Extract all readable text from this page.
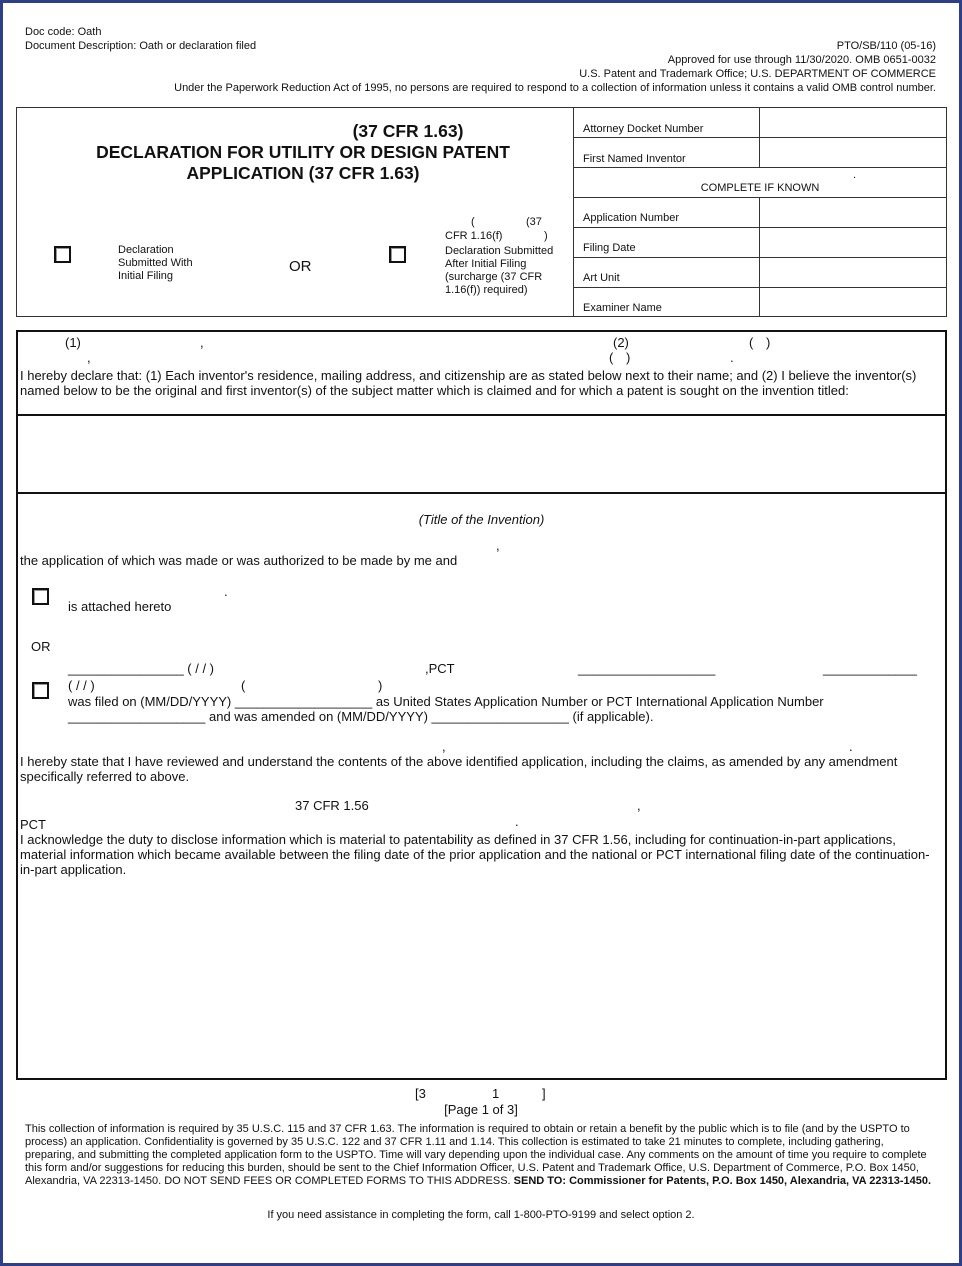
Doc code: Oath
Document Description: Oath or declaration filed	PTO/SB/110 (05-16)
Approved for use through 11/30/2020. OMB 0651-0032
U.S. Patent and Trademark Office; U.S. DEPARTMENT OF COMMERCE
Under the Paperwork Reduction Act of 1995, no persons are required to respond to a collection of information unless it contains a valid OMB control number.
(37 CFR 1.63)
DECLARATION FOR UTILITY OR DESIGN PATENT
APPLICATION (37 CFR 1.63)
Attorney Docket Number
First Named Inventor
.
COMPLETE IF KNOWN
Application Number
Filing Date
Art Unit
Examiner Name
Declaration Submitted With Initial Filing
OR
(	(37
CFR 1.16(f)	)
Declaration Submitted After Initial Filing (surcharge (37 CFR 1.16(f)) required)
(1)	,	(2)	( )
,	( )	.
I hereby declare that: (1) Each inventor's residence, mailing address, and citizenship are as stated below next to their name; and (2) I believe the inventor(s) named below to be the original and first inventor(s) of the subject matter which is claimed and for which a patent is sought on the invention titled:
(Title of the Invention)
,
the application of which was made or was authorized to be made by me and
.
is attached hereto
OR
________________ ( / / )	,PCT	___________________	_____________
( / / )	(	)
was filed on (MM/DD/YYYY) ___________________ as United States Application Number or PCT International Application Number
___________________ and was amended on (MM/DD/YYYY) ___________________ (if applicable).
,	.
I hereby state that I have reviewed and understand the contents of the above identified application, including the claims, as amended by any amendment specifically referred to above.
37 CFR 1.56	,
PCT	.
I acknowledge the duty to disclose information which is material to patentability as defined in 37 CFR 1.56, including for continuation-in-part applications, material information which became available between the filing date of the prior application and the national or PCT international filing date of the continuation-in-part application.
[3	1	]
[Page 1 of 3]
This collection of information is required by 35 U.S.C. 115 and 37 CFR 1.63. The information is required to obtain or retain a benefit by the public which is to file (and by the USPTO to process) an application. Confidentiality is governed by 35 U.S.C. 122 and 37 CFR 1.11 and 1.14. This collection is estimated to take 21 minutes to complete, including gathering, preparing, and submitting the completed application form to the USPTO. Time will vary depending upon the individual case. Any comments on the amount of time you require to complete this form and/or suggestions for reducing this burden, should be sent to the Chief Information Officer, U.S. Patent and Trademark Office, U.S. Department of Commerce, P.O. Box 1450, Alexandria, VA 22313-1450. DO NOT SEND FEES OR COMPLETED FORMS TO THIS ADDRESS. SEND TO: Commissioner for Patents, P.O. Box 1450, Alexandria, VA 22313-1450.
If you need assistance in completing the form, call 1-800-PTO-9199 and select option 2.
